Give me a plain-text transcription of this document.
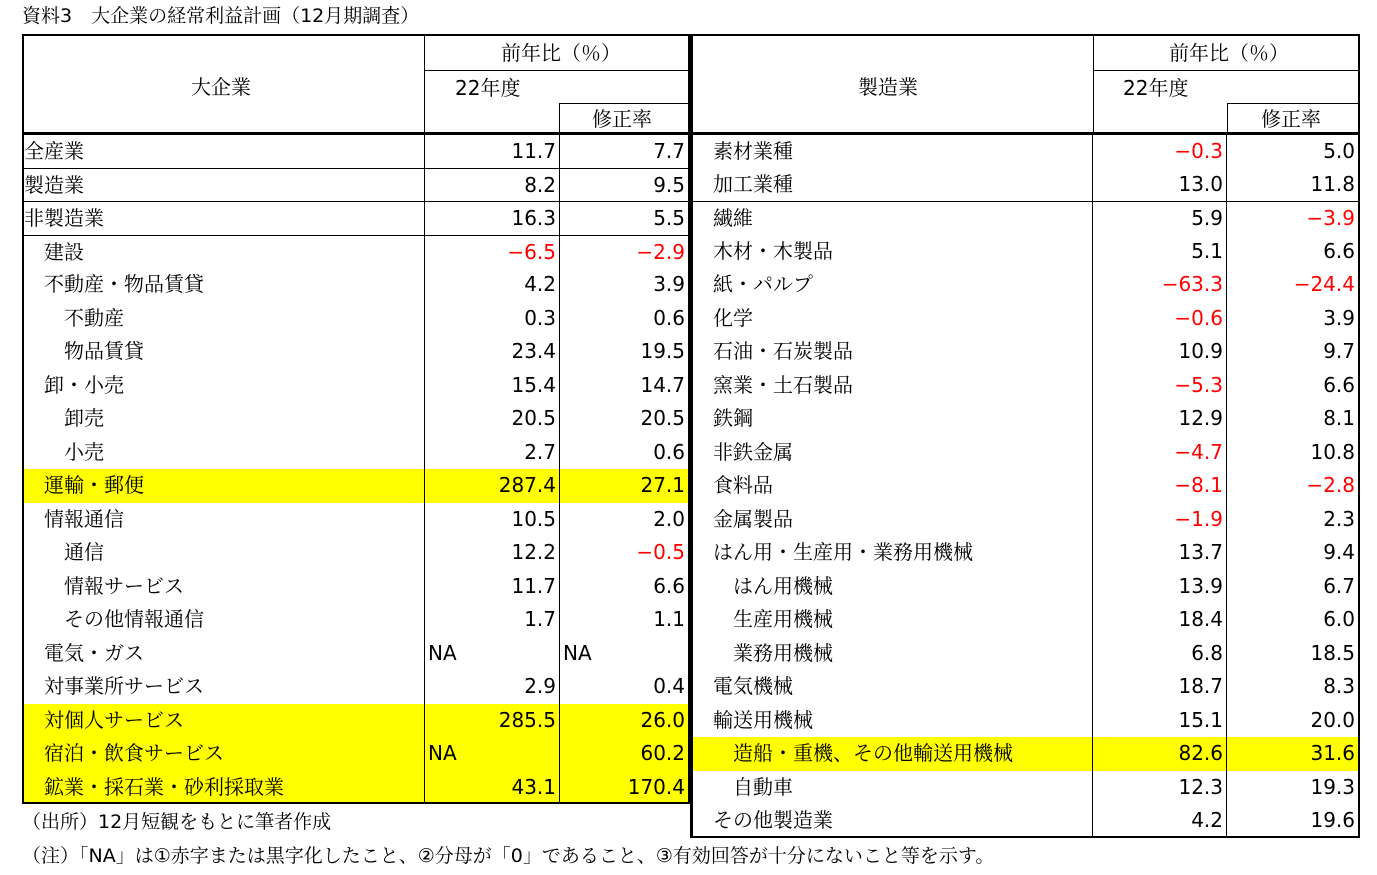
資料3　大企業の経常利益計画（12月期調査）
大企業
前年比（％）
22年度
修正率
全産業	11.7	7.7
製造業	8.2	9.5
非製造業	16.3	5.5
　建設	−6.5	−2.9
　不動産・物品賃貸	4.2	3.9
　　不動産	0.3	0.6
　　物品賃貸	23.4	19.5
　卸・小売	15.4	14.7
　　卸売	20.5	20.5
　　小売	2.7	0.6
　運輸・郵便	287.4	27.1
　情報通信	10.5	2.0
　　通信	12.2	−0.5
　　情報サービス	11.7	6.6
　　その他情報通信	1.7	1.1
　電気・ガス	NA	NA
　対事業所サービス	2.9	0.4
　対個人サービス	285.5	26.0
　宿泊・飲食サービス	NA	60.2
　鉱業・採石業・砂利採取業	43.1	170.4
製造業
前年比（％）
22年度
修正率
　素材業種	−0.3	5.0
　加工業種	13.0	11.8
　繊維	5.9	−3.9
　木材・木製品	5.1	6.6
　紙・パルプ	−63.3	−24.4
　化学	−0.6	3.9
　石油・石炭製品	10.9	9.7
　窯業・土石製品	−5.3	6.6
　鉄鋼	12.9	8.1
　非鉄金属	−4.7	10.8
　食料品	−8.1	−2.8
　金属製品	−1.9	2.3
　はん用・生産用・業務用機械	13.7	9.4
　　はん用機械	13.9	6.7
　　生産用機械	18.4	6.0
　　業務用機械	6.8	18.5
　電気機械	18.7	8.3
　輸送用機械	15.1	20.0
　　造船・重機、その他輸送用機械	82.6	31.6
　　自動車	12.3	19.3
　その他製造業	4.2	19.6
（出所）12月短観をもとに筆者作成
（注）「NA」は①赤字または黒字化したこと、②分母が「0」であること、③有効回答が十分にないこと等を示す。
